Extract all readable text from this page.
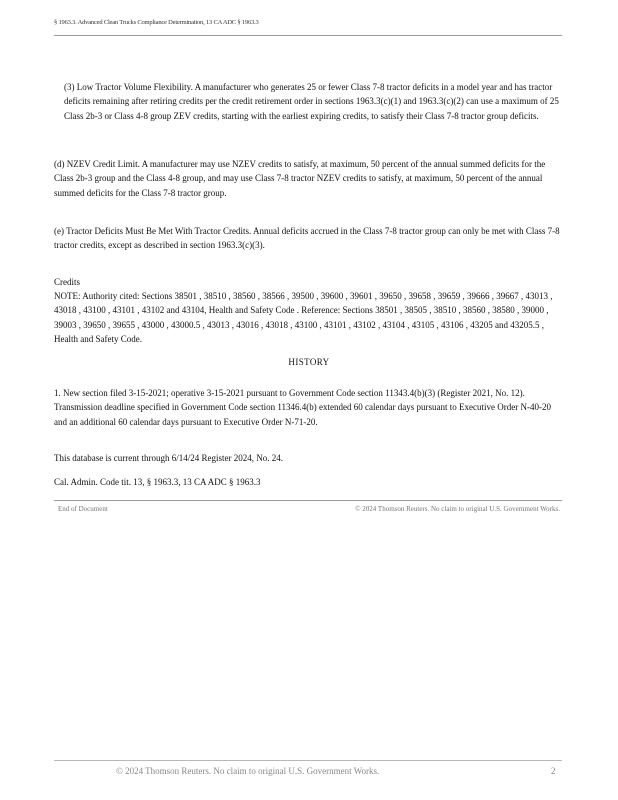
§ 1963.3. Advanced Clean Trucks Compliance Determination, 13 CA ADC § 1963.3

(3) Low Tractor Volume Flexibility. A manufacturer who generates 25 or fewer Class 7-8 tractor deficits in a model year and has tractor deficits remaining after retiring credits per the credit retirement order in sections 1963.3(c)(1) and 1963.3(c)(2) can use a maximum of 25 Class 2b-3 or Class 4-8 group ZEV credits, starting with the earliest expiring credits, to satisfy their Class 7-8 tractor group deficits.

(d) NZEV Credit Limit. A manufacturer may use NZEV credits to satisfy, at maximum, 50 percent of the annual summed deficits for the Class 2b-3 group and the Class 4-8 group, and may use Class 7-8 tractor NZEV credits to satisfy, at maximum, 50 percent of the annual summed deficits for the Class 7-8 tractor group.

(e) Tractor Deficits Must Be Met With Tractor Credits. Annual deficits accrued in the Class 7-8 tractor group can only be met with Class 7-8 tractor credits, except as described in section 1963.3(c)(3).

Credits

NOTE: Authority cited: Sections 38501 , 38510 , 38560 , 38566 , 39500 , 39600 , 39601 , 39650 , 39658 , 39659 , 39666 , 39667 , 43013 , 43018 , 43100 , 43101 , 43102 and 43104, Health and Safety Code . Reference: Sections 38501 , 38505 , 38510 , 38560 , 38580 , 39000 , 39003 , 39650 , 39655 , 43000 , 43000.5 , 43013 , 43016 , 43018 , 43100 , 43101 , 43102 , 43104 , 43105 , 43106 , 43205 and 43205.5 , Health and Safety Code.

HISTORY

1. New section filed 3-15-2021; operative 3-15-2021 pursuant to Government Code section 11343.4(b)(3) (Register 2021, No. 12). Transmission deadline specified in Government Code section 11346.4(b) extended 60 calendar days pursuant to Executive Order N-40-20 and an additional 60 calendar days pursuant to Executive Order N-71-20.

This database is current through 6/14/24 Register 2024, No. 24.

Cal. Admin. Code tit. 13, § 1963.3, 13 CA ADC § 1963.3

End of Document	© 2024 Thomson Reuters. No claim to original U.S. Government Works.
© 2024 Thomson Reuters. No claim to original U.S. Government Works.	2
